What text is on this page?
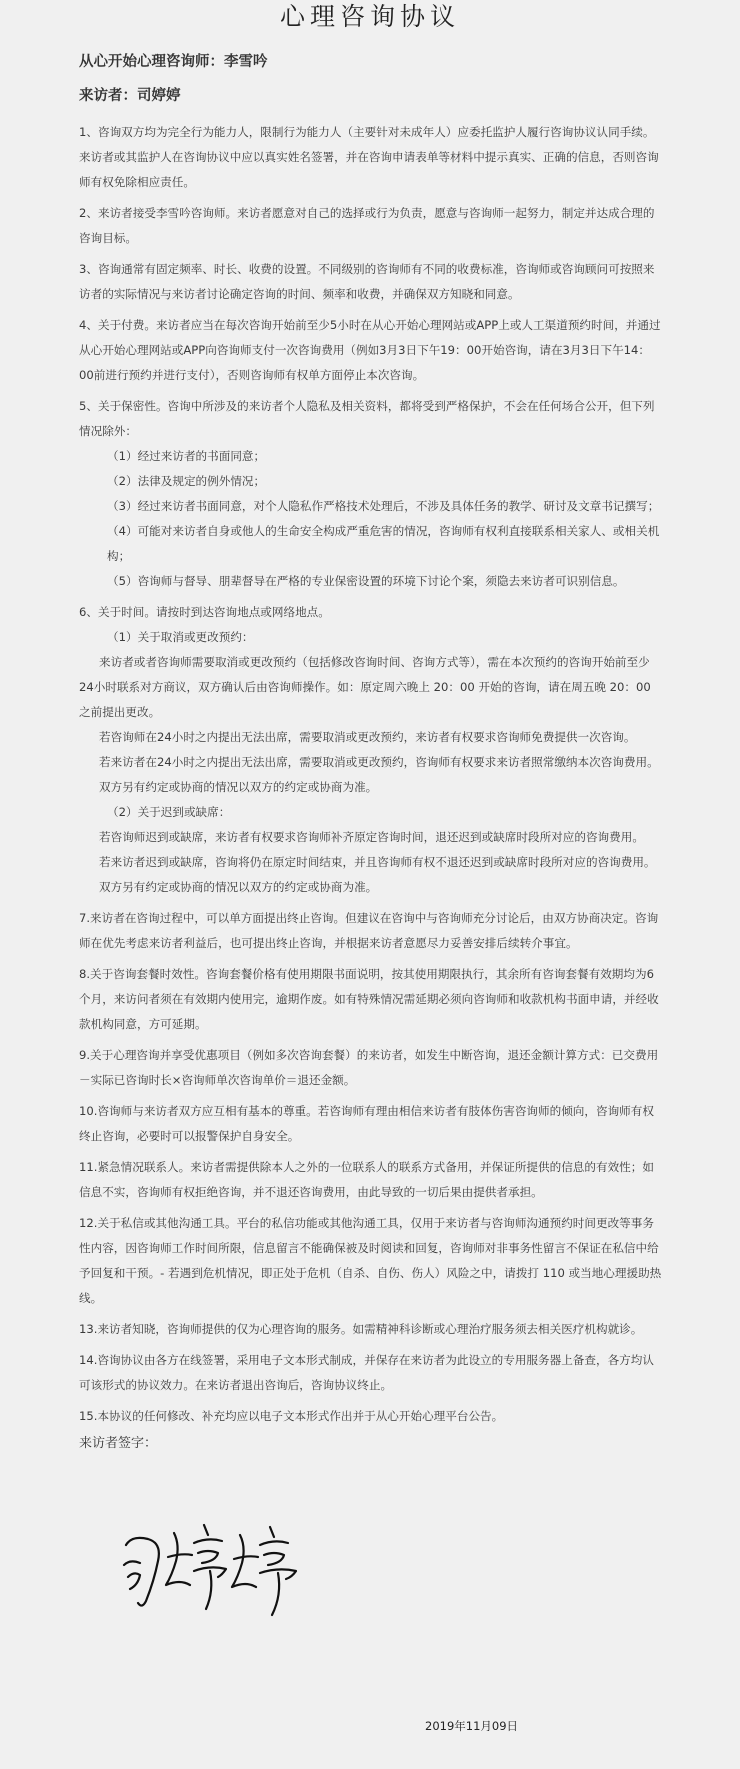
心理咨询协议
从心开始心理咨询师：李雪吟
来访者：司婷婷

1、咨询双方均为完全行为能力人，限制行为能力人（主要针对未成年人）应委托监护人履行咨询协议认同手续。来访者或其监护人在咨询协议中应以真实姓名签署，并在咨询申请表单等材料中提示真实、正确的信息，否则咨询师有权免除相应责任。

2、来访者接受李雪吟咨询师。来访者愿意对自己的选择或行为负责，愿意与咨询师一起努力，制定并达成合理的咨询目标。

3、咨询通常有固定频率、时长、收费的设置。不同级别的咨询师有不同的收费标准，咨询师或咨询顾问可按照来访者的实际情况与来访者讨论确定咨询的时间、频率和收费，并确保双方知晓和同意。

4、关于付费。来访者应当在每次咨询开始前至少5小时在从心开始心理网站或APP上或人工渠道预约时间，并通过从心开始心理网站或APP向咨询师支付一次咨询费用（例如3月3日下午19：00开始咨询，请在3月3日下午14：00前进行预约并进行支付），否则咨询师有权单方面停止本次咨询。

5、关于保密性。咨询中所涉及的来访者个人隐私及相关资料，都将受到严格保护，不会在任何场合公开，但下列情况除外：

（1）经过来访者的书面同意；

（2）法律及规定的例外情况；

（3）经过来访者书面同意，对个人隐私作严格技术处理后，不涉及具体任务的教学、研讨及文章书记撰写；

（4）可能对来访者自身或他人的生命安全构成严重危害的情况，咨询师有权利直接联系相关家人、或相关机构；

（5）咨询师与督导、朋辈督导在严格的专业保密设置的环境下讨论个案，须隐去来访者可识别信息。

6、关于时间。请按时到达咨询地点或网络地点。

（1）关于取消或更改预约：

来访者或者咨询师需要取消或更改预约（包括修改咨询时间、咨询方式等），需在本次预约的咨询开始前至少24小时联系对方商议，双方确认后由咨询师操作。如：原定周六晚上 20：00 开始的咨询，请在周五晚 20：00 之前提出更改。

若咨询师在24小时之内提出无法出席，需要取消或更改预约，来访者有权要求咨询师免费提供一次咨询。

若来访者在24小时之内提出无法出席，需要取消或更改预约，咨询师有权要求来访者照常缴纳本次咨询费用。

双方另有约定或协商的情况以双方的约定或协商为准。

（2）关于迟到或缺席：

若咨询师迟到或缺席，来访者有权要求咨询师补齐原定咨询时间，退还迟到或缺席时段所对应的咨询费用。

若来访者迟到或缺席，咨询将仍在原定时间结束，并且咨询师有权不退还迟到或缺席时段所对应的咨询费用。

双方另有约定或协商的情况以双方的约定或协商为准。

7.来访者在咨询过程中，可以单方面提出终止咨询。但建议在咨询中与咨询师充分讨论后，由双方协商决定。咨询师在优先考虑来访者利益后，也可提出终止咨询，并根据来访者意愿尽力妥善安排后续转介事宜。

8.关于咨询套餐时效性。咨询套餐价格有使用期限书面说明，按其使用期限执行，其余所有咨询套餐有效期均为6个月，来访问者须在有效期内使用完，逾期作废。如有特殊情况需延期必须向咨询师和收款机构书面申请，并经收款机构同意，方可延期。

9.关于心理咨询并享受优惠项目（例如多次咨询套餐）的来访者，如发生中断咨询，退还金额计算方式：已交费用－实际已咨询时长×咨询师单次咨询单价＝退还金额。

10.咨询师与来访者双方应互相有基本的尊重。若咨询师有理由相信来访者有肢体伤害咨询师的倾向，咨询师有权终止咨询，必要时可以报警保护自身安全。

11.紧急情况联系人。来访者需提供除本人之外的一位联系人的联系方式备用，并保证所提供的信息的有效性；如信息不实，咨询师有权拒绝咨询，并不退还咨询费用，由此导致的一切后果由提供者承担。

12.关于私信或其他沟通工具。平台的私信功能或其他沟通工具，仅用于来访者与咨询师沟通预约时间更改等事务性内容，因咨询师工作时间所限，信息留言不能确保被及时阅读和回复，咨询师对非事务性留言不保证在私信中给予回复和干预。- 若遇到危机情况，即正处于危机（自杀、自伤、伤人）风险之中，请拨打 110 或当地心理援助热线。

13.来访者知晓，咨询师提供的仅为心理咨询的服务。如需精神科诊断或心理治疗服务须去相关医疗机构就诊。

14.咨询协议由各方在线签署，采用电子文本形式制成，并保存在来访者为此设立的专用服务器上备查，各方均认可该形式的协议效力。在来访者退出咨询后，咨询协议终止。

15.本协议的任何修改、补充均应以电子文本形式作出并于从心开始心理平台公告。

来访者签字：
2019年11月09日
